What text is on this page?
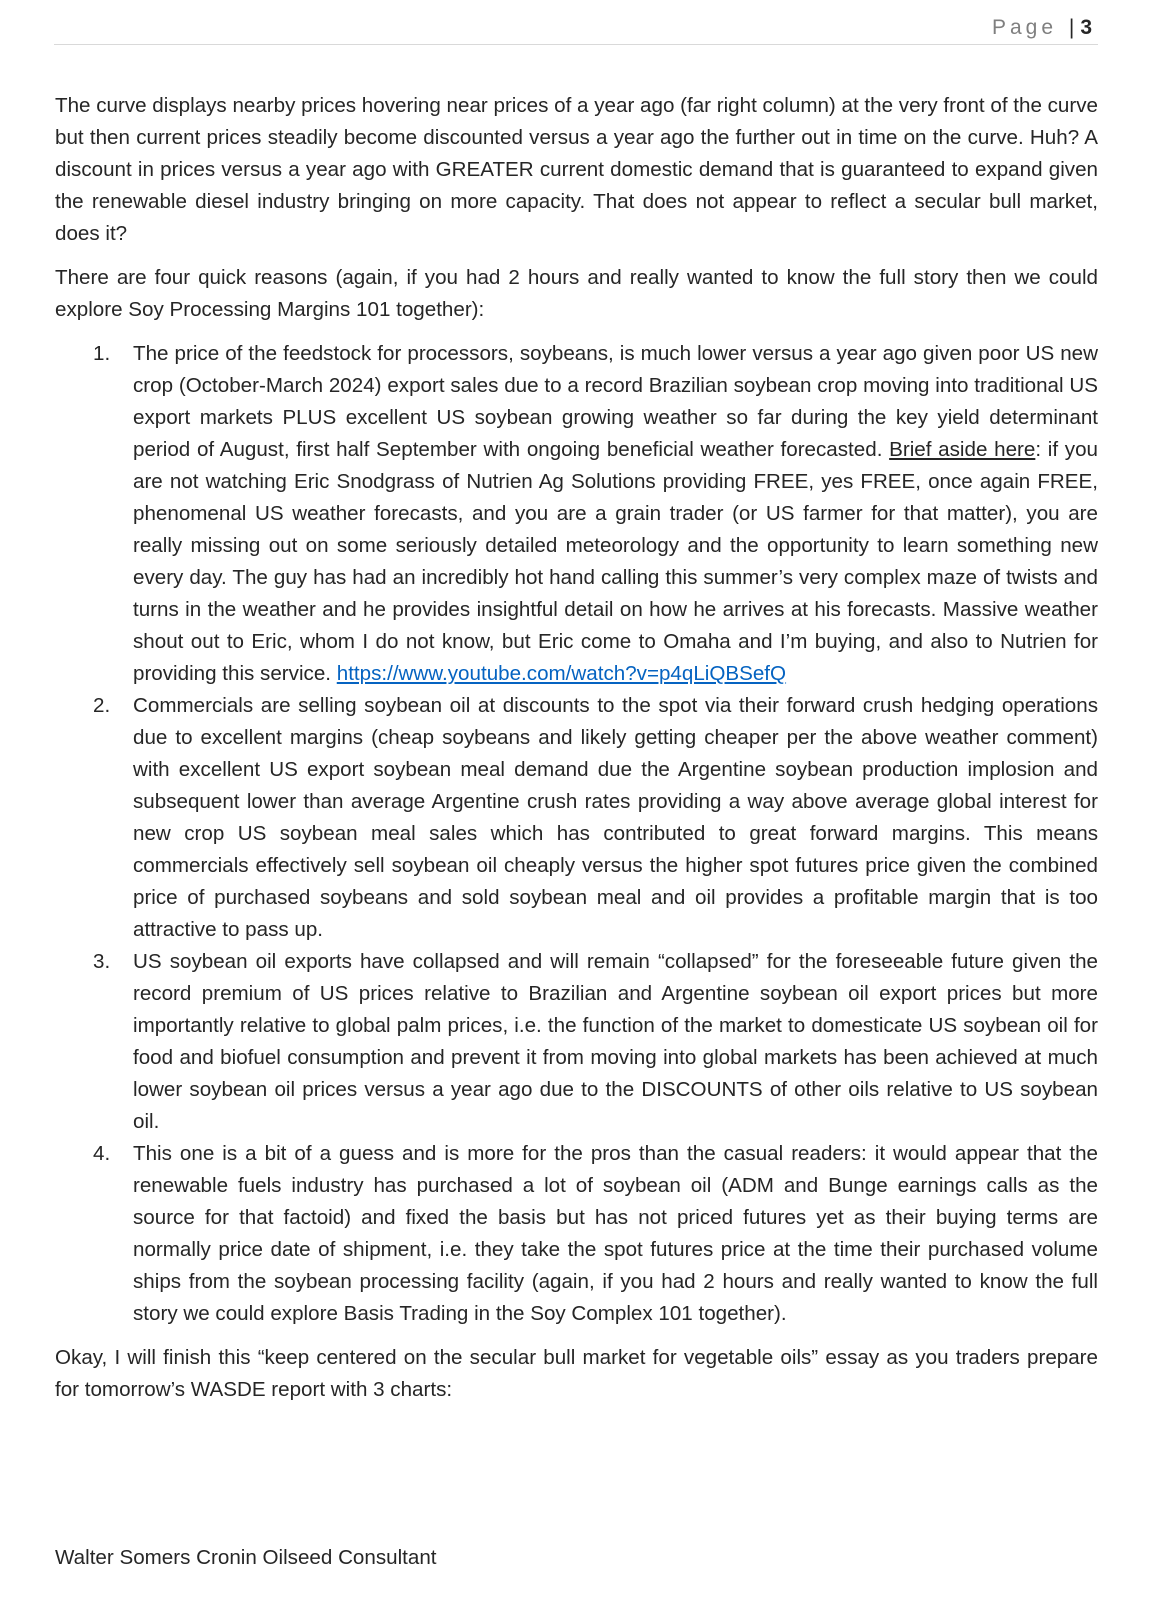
Page | 3

The curve displays nearby prices hovering near prices of a year ago (far right column) at the very front of the curve but then current prices steadily become discounted versus a year ago the further out in time on the curve. Huh? A discount in prices versus a year ago with GREATER current domestic demand that is guaranteed to expand given the renewable diesel industry bringing on more capacity. That does not appear to reflect a secular bull market, does it?

There are four quick reasons (again, if you had 2 hours and really wanted to know the full story then we could explore Soy Processing Margins 101 together):

1. The price of the feedstock for processors, soybeans, is much lower versus a year ago given poor US new crop (October-March 2024) export sales due to a record Brazilian soybean crop moving into traditional US export markets PLUS excellent US soybean growing weather so far during the key yield determinant period of August, first half September with ongoing beneficial weather forecasted. Brief aside here: if you are not watching Eric Snodgrass of Nutrien Ag Solutions providing FREE, yes FREE, once again FREE, phenomenal US weather forecasts, and you are a grain trader (or US farmer for that matter), you are really missing out on some seriously detailed meteorology and the opportunity to learn something new every day. The guy has had an incredibly hot hand calling this summer’s very complex maze of twists and turns in the weather and he provides insightful detail on how he arrives at his forecasts. Massive weather shout out to Eric, whom I do not know, but Eric come to Omaha and I’m buying, and also to Nutrien for providing this service. https://www.youtube.com/watch?v=p4qLiQBSefQ
2. Commercials are selling soybean oil at discounts to the spot via their forward crush hedging operations due to excellent margins (cheap soybeans and likely getting cheaper per the above weather comment) with excellent US export soybean meal demand due the Argentine soybean production implosion and subsequent lower than average Argentine crush rates providing a way above average global interest for new crop US soybean meal sales which has contributed to great forward margins. This means commercials effectively sell soybean oil cheaply versus the higher spot futures price given the combined price of purchased soybeans and sold soybean meal and oil provides a profitable margin that is too attractive to pass up.
3. US soybean oil exports have collapsed and will remain “collapsed” for the foreseeable future given the record premium of US prices relative to Brazilian and Argentine soybean oil export prices but more importantly relative to global palm prices, i.e. the function of the market to domesticate US soybean oil for food and biofuel consumption and prevent it from moving into global markets has been achieved at much lower soybean oil prices versus a year ago due to the DISCOUNTS of other oils relative to US soybean oil.
4. This one is a bit of a guess and is more for the pros than the casual readers: it would appear that the renewable fuels industry has purchased a lot of soybean oil (ADM and Bunge earnings calls as the source for that factoid) and fixed the basis but has not priced futures yet as their buying terms are normally price date of shipment, i.e. they take the spot futures price at the time their purchased volume ships from the soybean processing facility (again, if you had 2 hours and really wanted to know the full story we could explore Basis Trading in the Soy Complex 101 together).

Okay, I will finish this “keep centered on the secular bull market for vegetable oils” essay as you traders prepare for tomorrow’s WASDE report with 3 charts:

Walter Somers Cronin Oilseed Consultant
